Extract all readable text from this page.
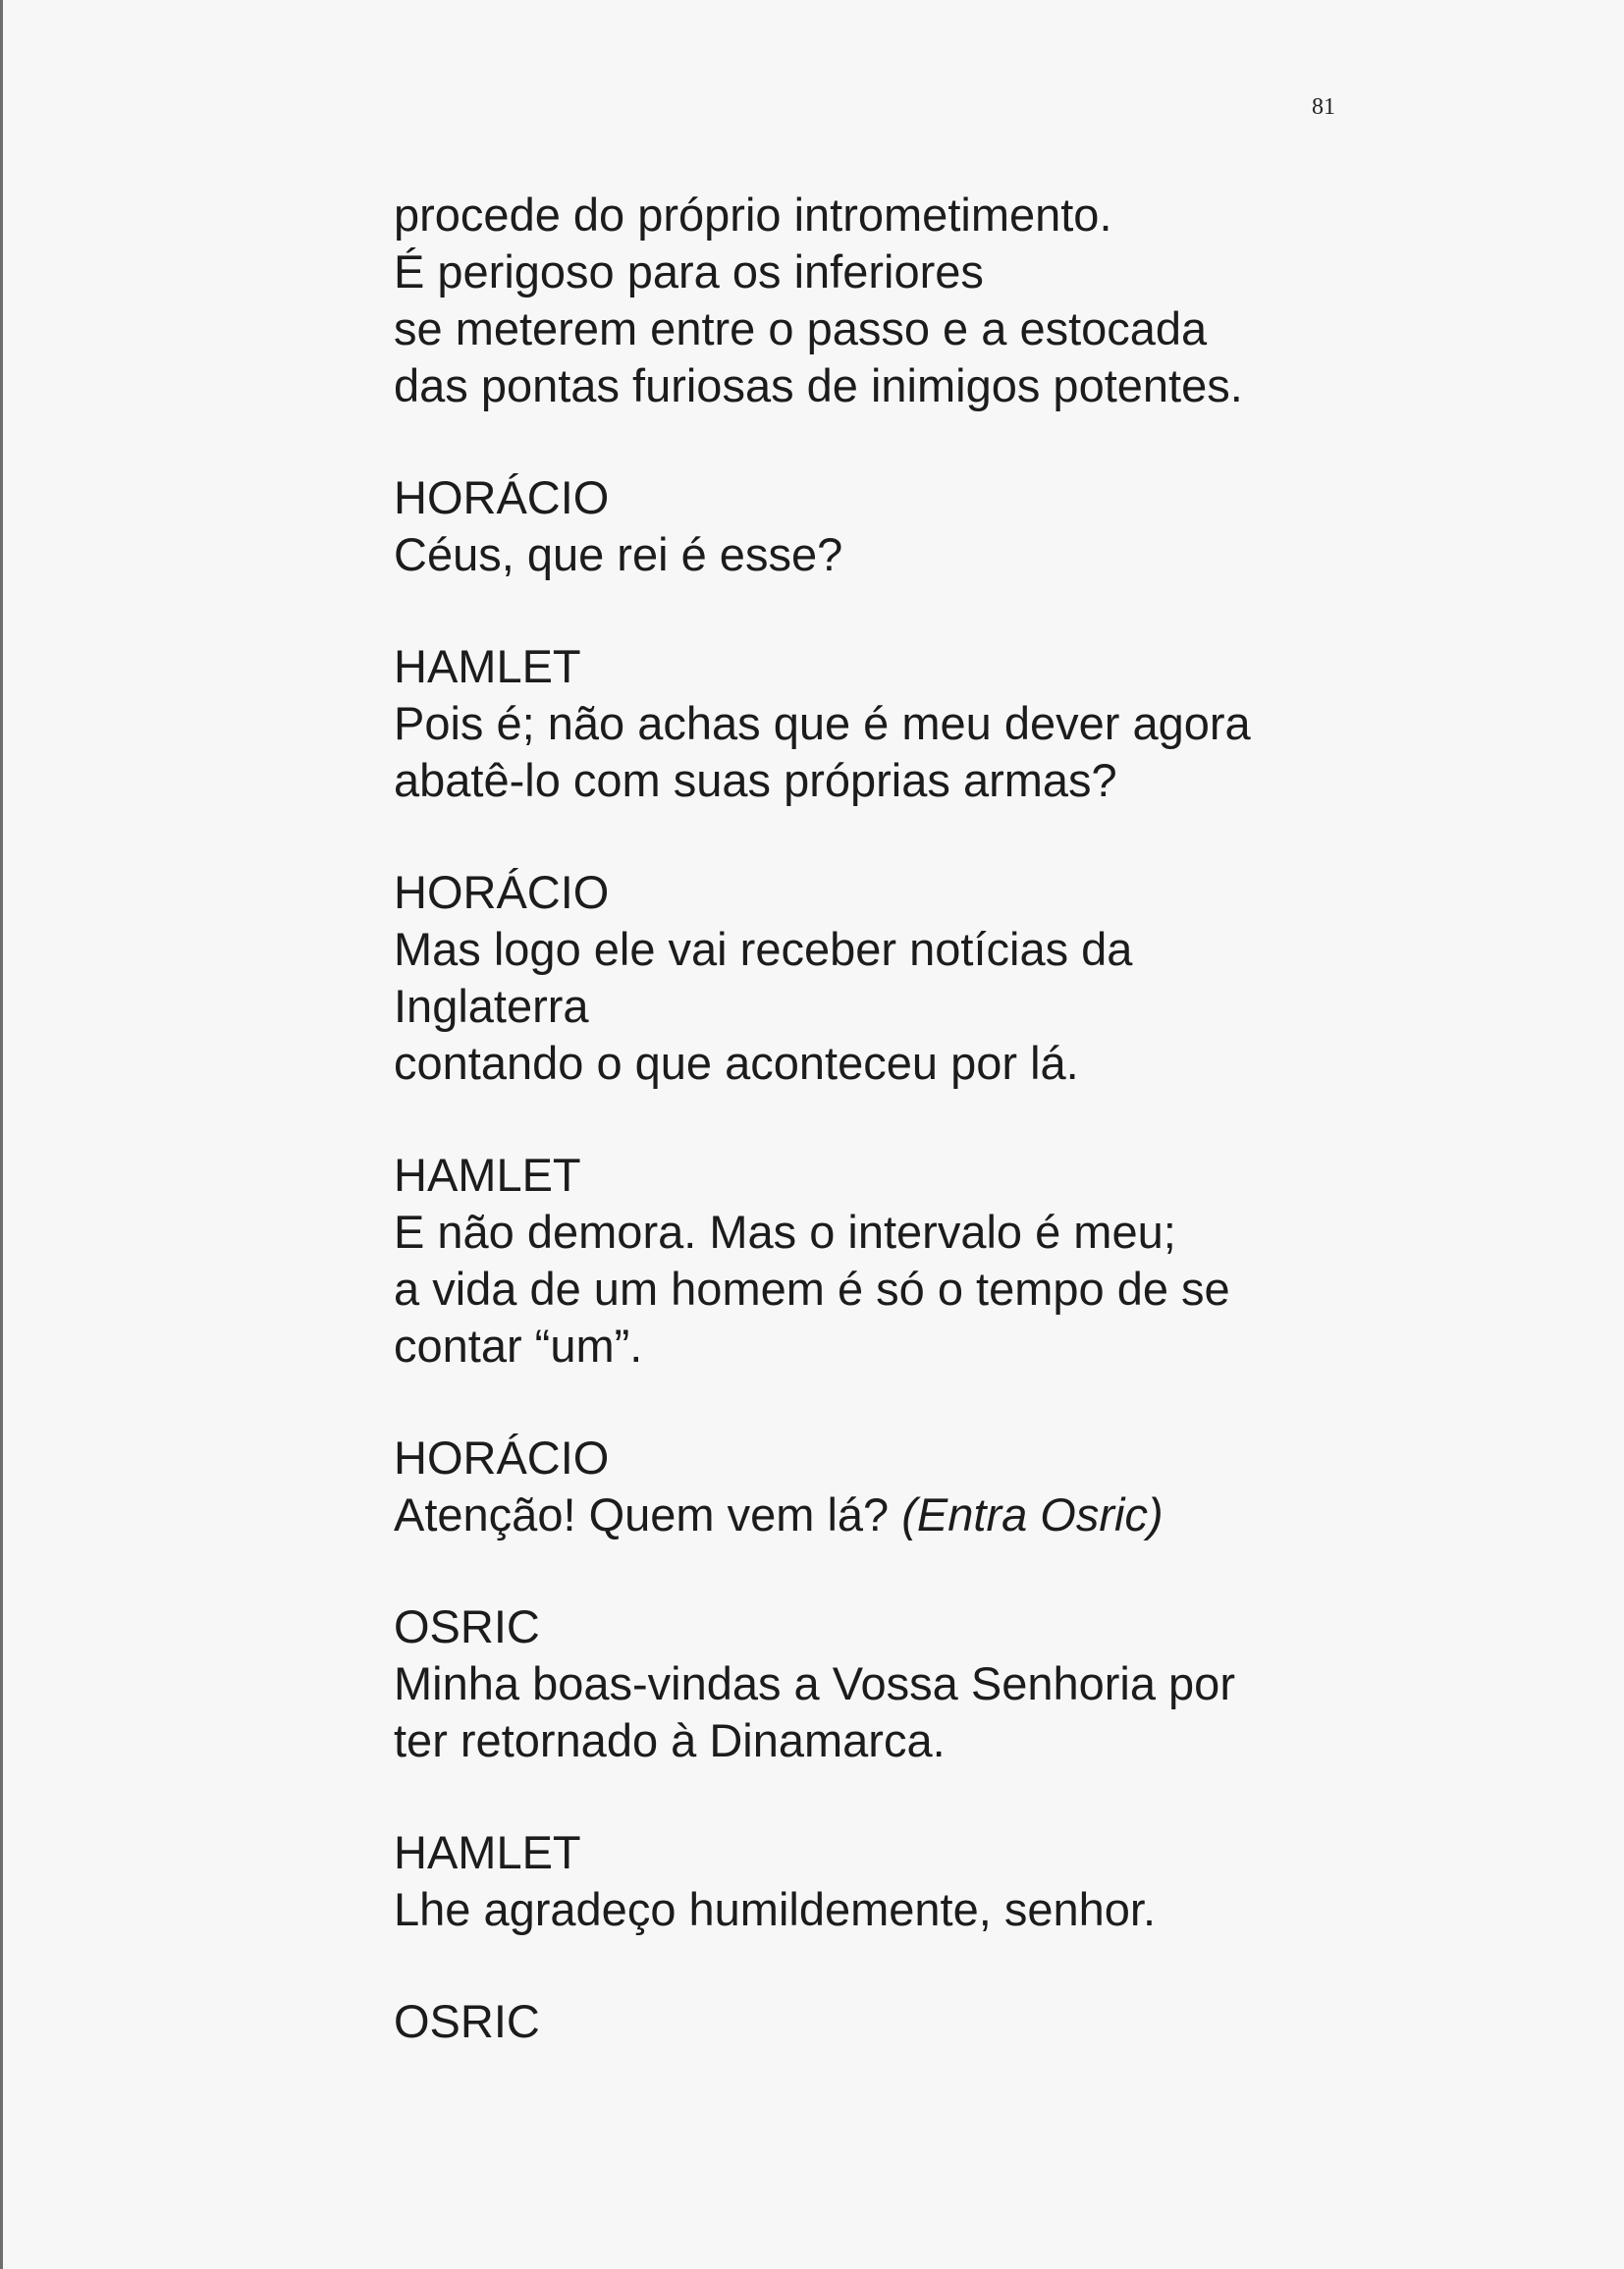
81
procede do próprio intrometimento.
É perigoso para os inferiores
se meterem entre o passo e a estocada
das pontas furiosas de inimigos potentes.
HORÁCIO
Céus, que rei é esse?
HAMLET
Pois é; não achas que é meu dever agora
abatê-lo com suas próprias armas?
HORÁCIO
Mas logo ele vai receber notícias da
Inglaterra
contando o que aconteceu por lá.
HAMLET
E não demora. Mas o intervalo é meu;
a vida de um homem é só o tempo de se
contar “um”.
HORÁCIO
Atenção! Quem vem lá? (Entra Osric)
OSRIC
Minha boas-vindas a Vossa Senhoria por
ter retornado à Dinamarca.
HAMLET
Lhe agradeço humildemente, senhor.
OSRIC
